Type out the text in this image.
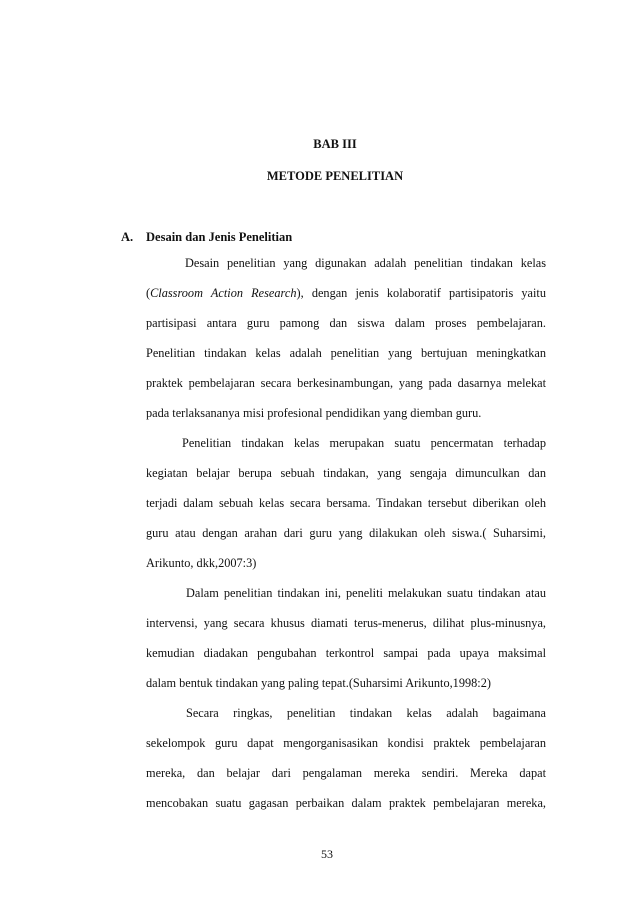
BAB III
METODE PENELITIAN
A. Desain dan Jenis Penelitian
Desain penelitian yang digunakan adalah penelitian tindakan kelas
(Classroom Action Research), dengan jenis kolaboratif partisipatoris yaitu
partisipasi antara guru pamong dan siswa dalam proses pembelajaran.
Penelitian tindakan kelas adalah penelitian yang bertujuan meningkatkan
praktek pembelajaran secara berkesinambungan, yang pada dasarnya melekat
pada terlaksananya misi profesional pendidikan yang diemban guru.
Penelitian tindakan kelas merupakan suatu pencermatan terhadap
kegiatan belajar berupa sebuah tindakan, yang sengaja dimunculkan dan
terjadi dalam sebuah kelas secara bersama. Tindakan tersebut diberikan oleh
guru atau dengan arahan dari guru yang dilakukan oleh siswa.( Suharsimi,
Arikunto, dkk,2007:3)
Dalam penelitian tindakan ini, peneliti melakukan suatu tindakan atau
intervensi, yang secara khusus diamati terus-menerus, dilihat plus-minusnya,
kemudian diadakan pengubahan terkontrol sampai pada upaya maksimal
dalam bentuk tindakan yang paling tepat.(Suharsimi Arikunto,1998:2)
Secara ringkas, penelitian tindakan kelas adalah bagaimana
sekelompok guru dapat mengorganisasikan kondisi praktek pembelajaran
mereka, dan belajar dari pengalaman mereka sendiri. Mereka dapat
mencobakan suatu gagasan perbaikan dalam praktek pembelajaran mereka,
53
